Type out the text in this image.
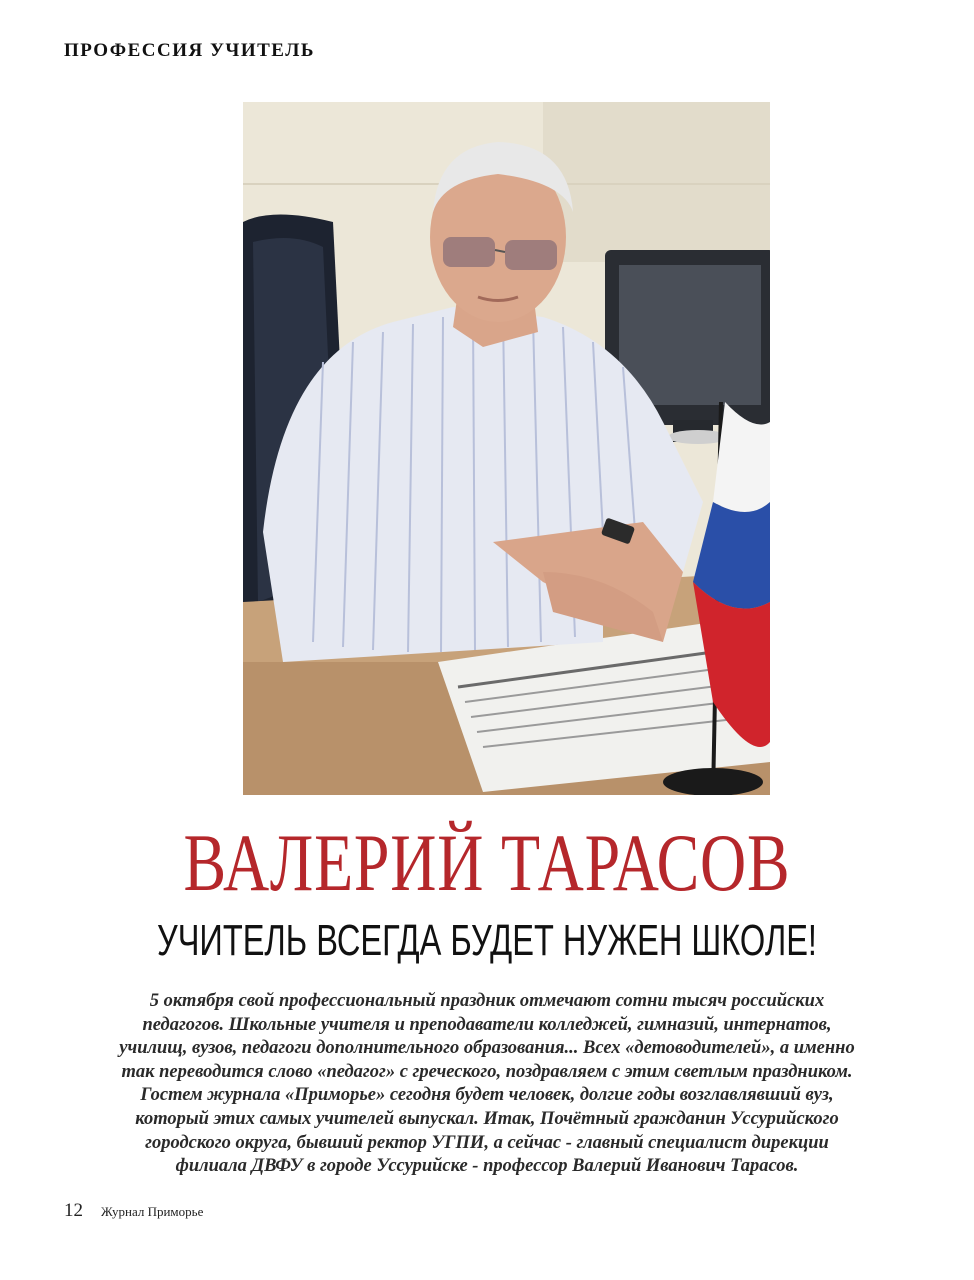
ПРОФЕССИЯ УЧИТЕЛЬ
ВАЛЕРИЙ ТАРАСОВ
УЧИТЕЛЬ ВСЕГДА БУДЕТ НУЖЕН ШКОЛЕ!
5 октября свой профессиональный праздник отмечают сотни тысяч российских
педагогов. Школьные учителя и преподаватели колледжей, гимназий, интернатов,
училищ, вузов, педагоги дополнительного образования... Всех «детоводителей», а именно
так переводится слово «педагог» с греческого, поздравляем с этим светлым праздником.
Гостем журнала «Приморье» сегодня будет человек, долгие годы возглавлявший вуз,
который этих самых учителей выпускал. Итак, Почётный гражданин Уссурийского
городского округа, бывший ректор УГПИ, а сейчас - главный специалист дирекции
филиала ДВФУ в городе Уссурийске - профессор Валерий Иванович Тарасов.
12 Журнал Приморье
